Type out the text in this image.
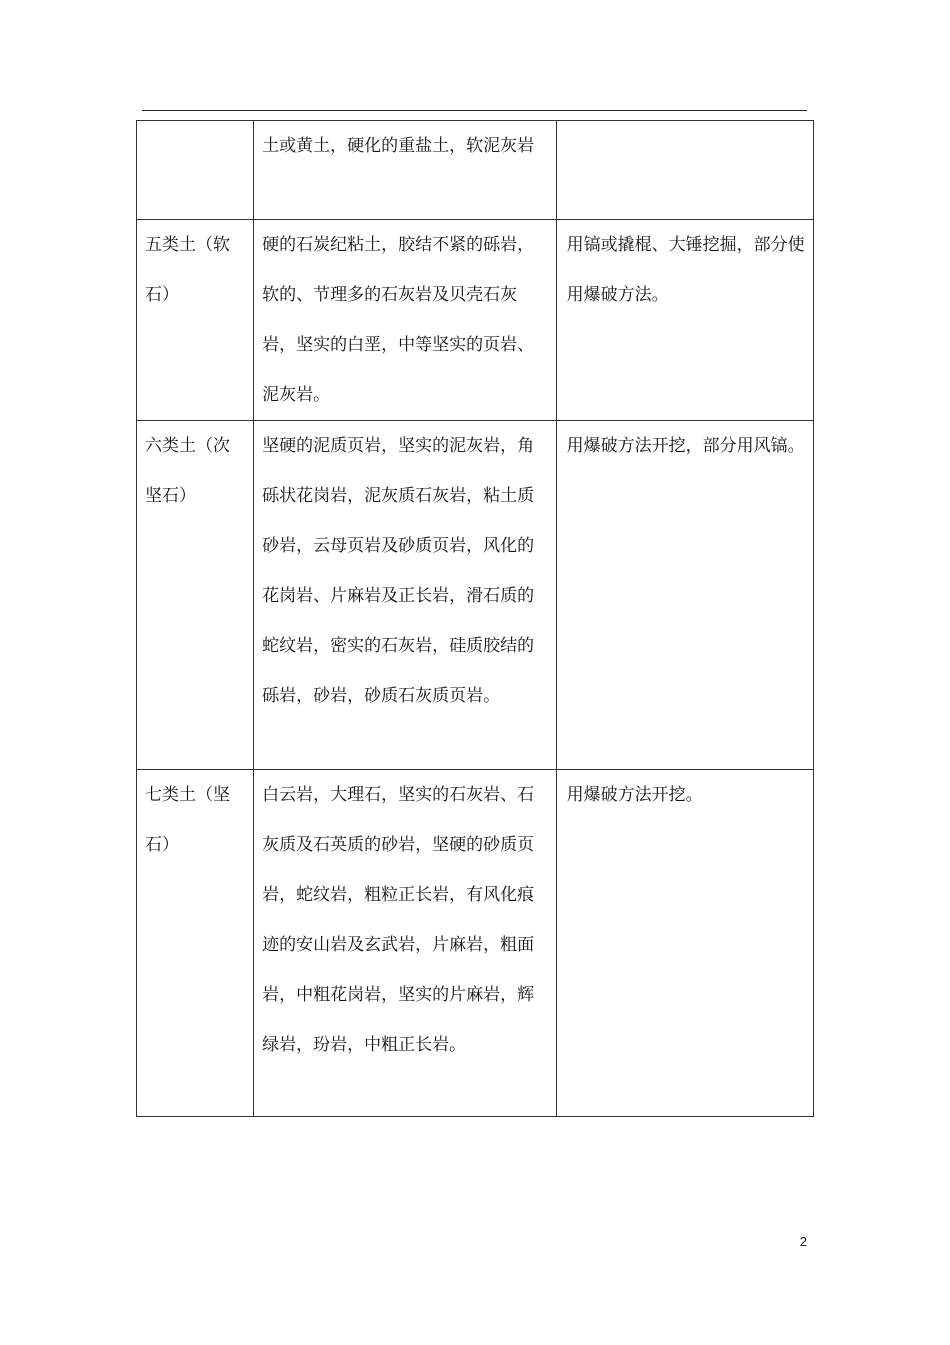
	土或黄土，硬化的重盐土，软泥灰岩	

五类土（软石）	硬的石炭纪粘土，胶结不紧的砾岩，软的、节理多的石灰岩及贝壳石灰岩，坚实的白垩，中等坚实的页岩、泥灰岩。	用镐或撬棍、大锤挖掘，部分使用爆破方法。

六类土（次坚石）	坚硬的泥质页岩，坚实的泥灰岩，角砾状花岗岩，泥灰质石灰岩，粘土质砂岩，云母页岩及砂质页岩，风化的花岗岩、片麻岩及正长岩，滑石质的蛇纹岩，密实的石灰岩，硅质胶结的砾岩，砂岩，砂质石灰质页岩。	用爆破方法开挖，部分用风镐。

七类土（坚石）	白云岩，大理石，坚实的石灰岩、石灰质及石英质的砂岩，坚硬的砂质页岩，蛇纹岩，粗粒正长岩，有风化痕迹的安山岩及玄武岩，片麻岩，粗面岩，中粗花岗岩，坚实的片麻岩，辉绿岩，玢岩，中粗正长岩。	用爆破方法开挖。
2
